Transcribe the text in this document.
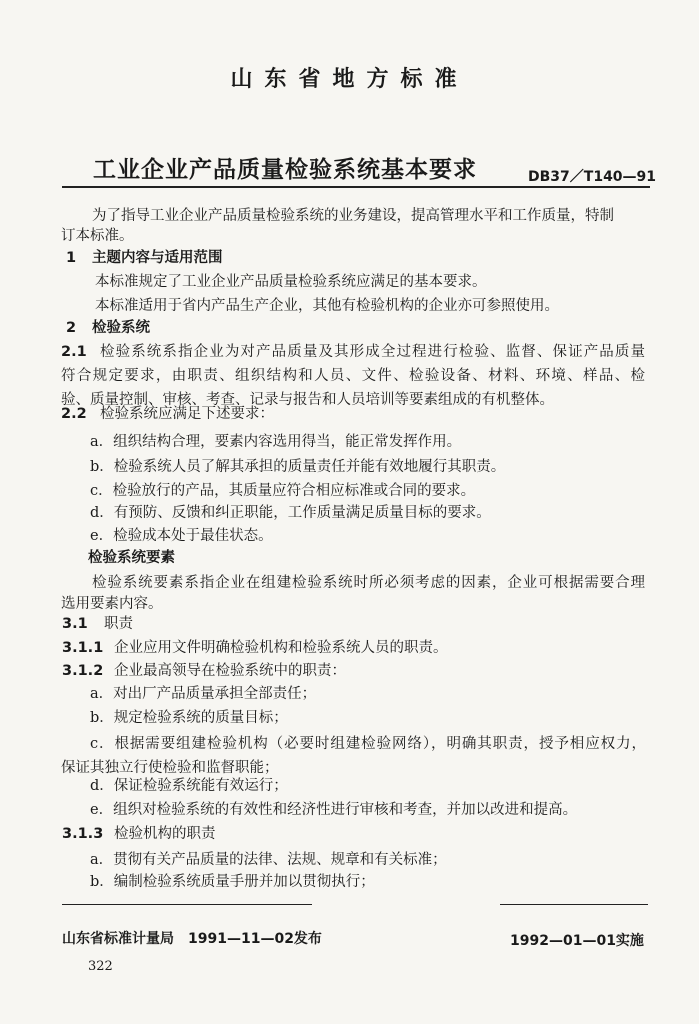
山东省地方标准
工业企业产品质量检验系统基本要求	DB37／T140—91
为了指导工业企业产品质量检验系统的业务建设，提高管理水平和工作质量，特制
订本标准。
1 主题内容与适用范围
本标准规定了工业企业产品质量检验系统应满足的基本要求。
本标准适用于省内产品生产企业，其他有检验机构的企业亦可参照使用。
2 检验系统
2.1 检验系统系指企业为对产品质量及其形成全过程进行检验、监督、保证产品质量
符合规定要求，由职责、组织结构和人员、文件、检验设备、材料、环境、样品、检
验、质量控制、审核、考查、记录与报告和人员培训等要素组成的有机整体。
2.2 检验系统应满足下述要求：
a．组织结构合理，要素内容选用得当，能正常发挥作用。
b．检验系统人员了解其承担的质量责任并能有效地履行其职责。
c．检验放行的产品，其质量应符合相应标准或合同的要求。
d．有预防、反馈和纠正职能，工作质量满足质量目标的要求。
e．检验成本处于最佳状态。
检验系统要素
检验系统要素系指企业在组建检验系统时所必须考虑的因素，企业可根据需要合理
选用要素内容。
3.1 职责
3.1.1 企业应用文件明确检验机构和检验系统人员的职责。
3.1.2 企业最高领导在检验系统中的职责：
a．对出厂产品质量承担全部责任；
b．规定检验系统的质量目标；
c．根据需要组建检验机构（必要时组建检验网络），明确其职责，授予相应权力，
保证其独立行使检验和监督职能；
d．保证检验系统能有效运行；
e．组织对检验系统的有效性和经济性进行审核和考查，并加以改进和提高。
3.1.3 检验机构的职责
a．贯彻有关产品质量的法律、法规、规章和有关标准；
b．编制检验系统质量手册并加以贯彻执行；
山东省标准计量局　1991—11—02发布	1992—01—01实施
322
